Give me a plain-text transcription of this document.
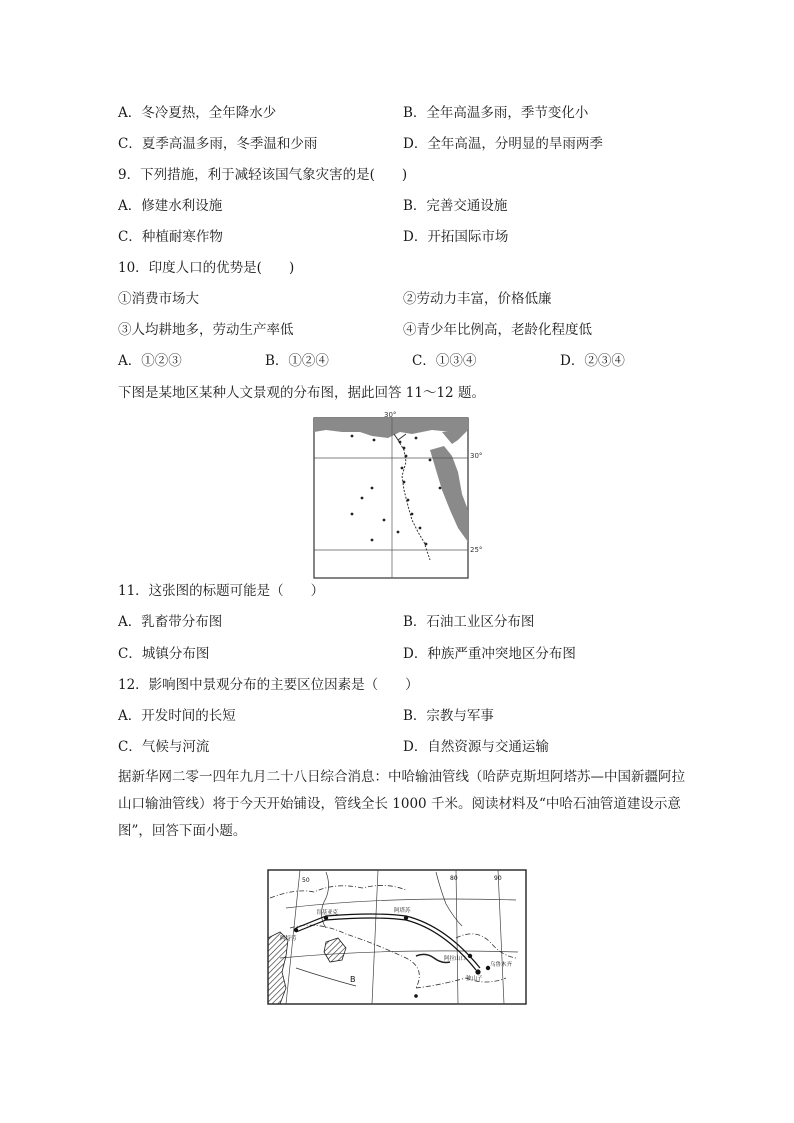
A．冬冷夏热，全年降水少	B．全年高温多雨，季节变化小
C．夏季高温多雨，冬季温和少雨	D．全年高温，分明显的旱雨两季
9．下列措施，利于减轻该国气象灾害的是(　　)
A．修建水利设施	B．完善交通设施
C．种植耐寒作物	D．开拓国际市场
10．印度人口的优势是(　　)
①消费市场大	②劳动力丰富，价格低廉
③人均耕地多，劳动生产率低	④青少年比例高，老龄化程度低
A．①②③	B．①②④	C．①③④	D．②③④
下图是某地区某种人文景观的分布图，据此回答 11～12 题。
30°
30°
25°
11．这张图的标题可能是（　　）
A．乳畜带分布图	B．石油工业区分布图
C．城镇分布图	D．种族严重冲突地区分布图
12．影响图中景观分布的主要区位因素是（　　）
A．开发时间的长短	B．宗教与军事
C．气候与河流	D．自然资源与交通运输
据新华网二零一四年九月二十八日综合消息：中哈输油管线（哈萨克斯坦阿塔苏—中国新疆阿拉山口输油管线）将于今天开始铺设，管线全长 1000 千米。阅读材料及“中哈石油管道建设示意图”，回答下面小题。
50	80	90
肯基亚克
阿特劳
阿塔苏
阿拉山口
乌鲁木齐
独山子
B
